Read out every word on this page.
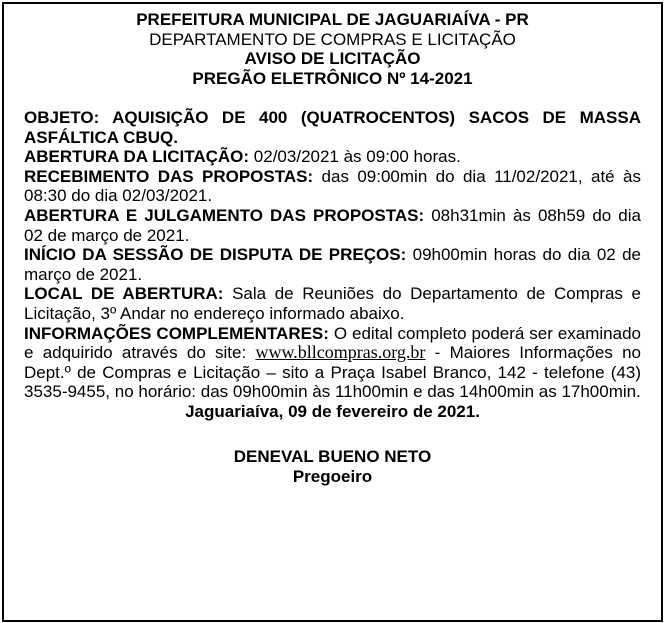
PREFEITURA MUNICIPAL DE JAGUARIAÍVA - PR
DEPARTAMENTO DE COMPRAS E LICITAÇÃO
AVISO DE LICITAÇÃO
PREGÃO ELETRÔNICO Nº 14-2021
OBJETO: AQUISIÇÃO DE 400 (QUATROCENTOS) SACOS DE MASSA ASFÁLTICA CBUQ.
ABERTURA DA LICITAÇÃO: 02/03/2021 às 09:00 horas.
RECEBIMENTO DAS PROPOSTAS: das 09:00min do dia 11/02/2021, até às 08:30 do dia 02/03/2021.
ABERTURA E JULGAMENTO DAS PROPOSTAS: 08h31min às 08h59 do dia 02 de março de 2021.
INÍCIO DA SESSÃO DE DISPUTA DE PREÇOS: 09h00min horas do dia 02 de março de 2021.
LOCAL DE ABERTURA: Sala de Reuniões do Departamento de Compras e Licitação, 3º Andar no endereço informado abaixo.
INFORMAÇÕES COMPLEMENTARES: O edital completo poderá ser examinado e adquirido através do site: www.bllcompras.org.br - Maiores Informações no Dept.º de Compras e Licitação – sito a Praça Isabel Branco, 142 - telefone (43) 3535-9455, no horário: das 09h00min às 11h00min e das 14h00min as 17h00min.
Jaguariaíva, 09 de fevereiro de 2021.
DENEVAL BUENO NETO
Pregoeiro
